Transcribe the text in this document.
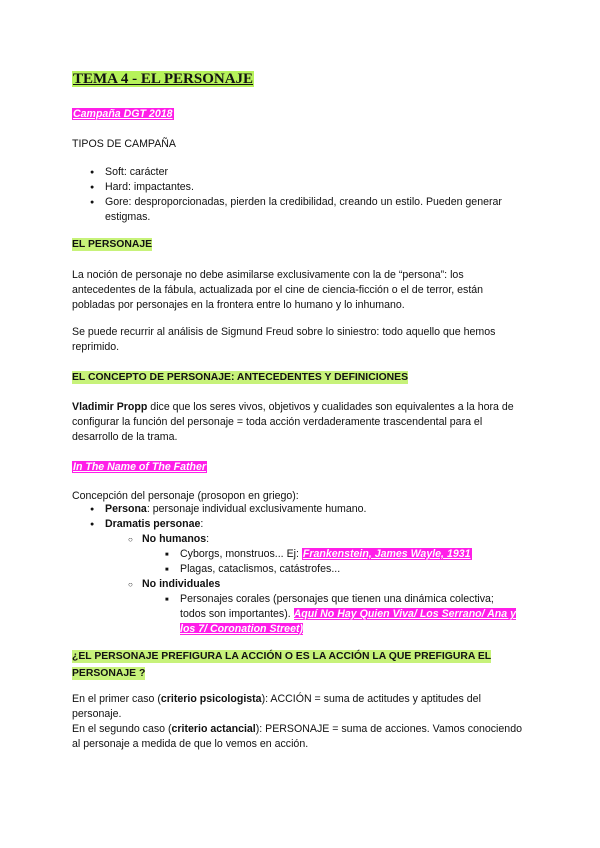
TEMA 4 - EL PERSONAJE
Campaña DGT 2018
TIPOS DE CAMPAÑA
● Soft: carácter
● Hard: impactantes.
● Gore: desproporcionadas, pierden la credibilidad, creando un estilo. Pueden generar estigmas.
EL PERSONAJE
La noción de personaje no debe asimilarse exclusivamente con la de “persona”: los antecedentes de la fábula, actualizada por el cine de ciencia-ficción o el de terror, están pobladas por personajes en la frontera entre lo humano y lo inhumano.
Se puede recurrir al análisis de Sigmund Freud sobre lo siniestro: todo aquello que hemos reprimido.
EL CONCEPTO DE PERSONAJE: ANTECEDENTES Y DEFINICIONES
Vladimir Propp dice que los seres vivos, objetivos y cualidades son equivalentes a la hora de configurar la función del personaje = toda acción verdaderamente trascendental para el desarrollo de la trama.
In The Name of The Father
Concepción del personaje (prosopon en griego):
● Persona: personaje individual exclusivamente humano.
● Dramatis personae:
○ No humanos:
■ Cyborgs, monstruos... Ej: Frankenstein, James Wayle, 1931
■ Plagas, cataclismos, catástrofes...
○ No individuales
■ Personajes corales (personajes que tienen una dinámica colectiva; todos son importantes). Aquí No Hay Quien Viva/ Los Serrano/ Ana y los 7/ Coronation Street)
¿EL PERSONAJE PREFIGURA LA ACCIÓN O ES LA ACCIÓN LA QUE PREFIGURA EL PERSONAJE ?
En el primer caso (criterio psicologista): ACCIÓN = suma de actitudes y aptitudes del personaje.
En el segundo caso (criterio actancial): PERSONAJE = suma de acciones. Vamos conociendo al personaje a medida de que lo vemos en acción.
